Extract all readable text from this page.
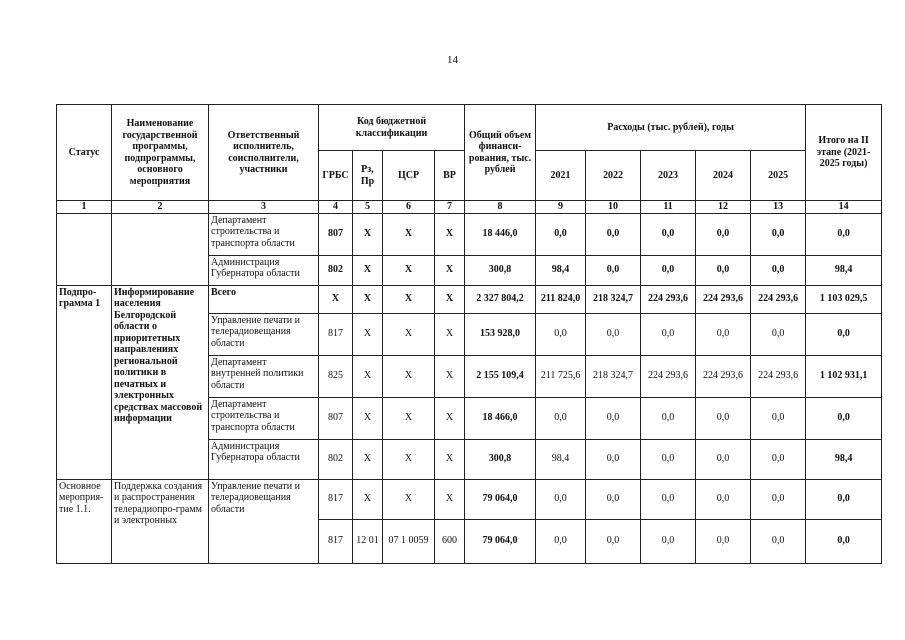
14
Статус	Наименование государственной программы, подпрограммы, основного мероприятия	Ответственный исполнитель, соисполнители, участники	Код бюджетной классификации				Общий объем финанси-рования, тыс. рублей	Расходы (тыс. рублей), годы					Итого на II этапе (2021-2025 годы)
			ГРБС	Рз, Пр	ЦСР	ВР		2021	2022	2023	2024	2025	
1	2	3	4	5	6	7	8	9	10	11	12	13	14
		Департамент строительства и транспорта области	807	Х	Х	Х	18 446,0	0,0	0,0	0,0	0,0	0,0	0,0
		Администрация Губернатора области	802	Х	Х	Х	300,8	98,4	0,0	0,0	0,0	0,0	98,4
Подпро-грамма 1	Информирование населения Белгородской области о приоритетных направлениях региональной политики в печатных и электронных средствах массовой информации	Всего	Х	Х	Х	Х	2 327 804,2	211 824,0	218 324,7	224 293,6	224 293,6	224 293,6	1 103 029,5
		Управление печати и телерадиовещания области	817	Х	Х	Х	153 928,0	0,0	0,0	0,0	0,0	0,0	0,0
		Департамент внутренней политики области	825	Х	Х	Х	2 155 109,4	211 725,6	218 324,7	224 293,6	224 293,6	224 293,6	1 102 931,1
		Департамент строительства и транспорта области	807	Х	Х	Х	18 466,0	0,0	0,0	0,0	0,0	0,0	0,0
		Администрация Губернатора области	802	Х	Х	Х	300,8	98,4	0,0	0,0	0,0	0,0	98,4
Основное мероприя-тие 1.1.	Поддержка создания и распространения телерадиопро-грамм и электронных	Управление печати и телерадиовещания области	817	Х	Х	Х	79 064,0	0,0	0,0	0,0	0,0	0,0	0,0
			817	12 01	07 1 0059	600	79 064,0	0,0	0,0	0,0	0,0	0,0	0,0
